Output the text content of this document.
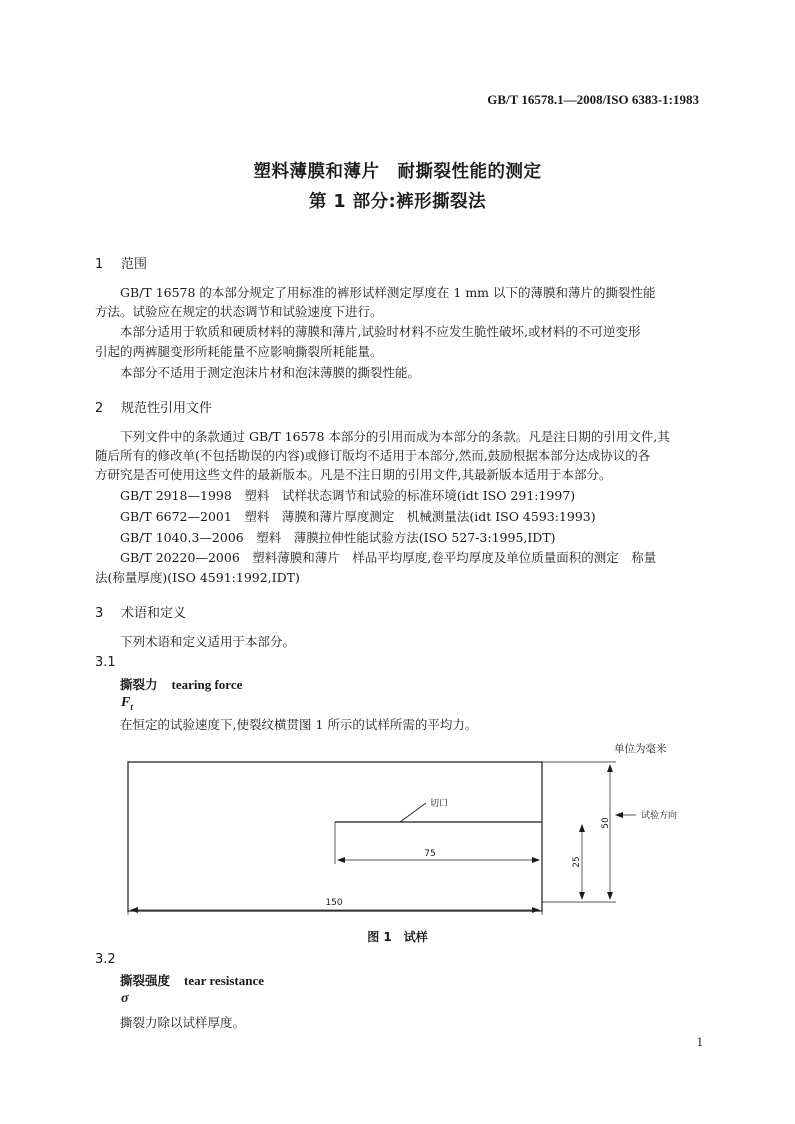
GB/T 16578.1—2008/ISO 6383-1:1983
塑料薄膜和薄片　耐撕裂性能的测定
第 1 部分:裤形撕裂法
1 范围
GB/T 16578 的本部分规定了用标准的裤形试样测定厚度在 1 mm 以下的薄膜和薄片的撕裂性能
方法。试验应在规定的状态调节和试验速度下进行。
本部分适用于软质和硬质材料的薄膜和薄片,试验时材料不应发生脆性破坏,或材料的不可逆变形
引起的两裤腿变形所耗能量不应影响撕裂所耗能量。
本部分不适用于测定泡沫片材和泡沫薄膜的撕裂性能。
2 规范性引用文件
下列文件中的条款通过 GB/T 16578 本部分的引用而成为本部分的条款。凡是注日期的引用文件,其
随后所有的修改单(不包括勘误的内容)或修订版均不适用于本部分,然而,鼓励根据本部分达成协议的各
方研究是否可使用这些文件的最新版本。凡是不注日期的引用文件,其最新版本适用于本部分。
GB/T 2918—1998　塑料　试样状态调节和试验的标准环境(idt ISO 291:1997)
GB/T 6672—2001　塑料　薄膜和薄片厚度测定　机械测量法(idt ISO 4593:1993)
GB/T 1040.3—2006　塑料　薄膜拉伸性能试验方法(ISO 527-3:1995,IDT)
GB/T 20220—2006　塑料薄膜和薄片　样品平均厚度,卷平均厚度及单位质量面积的测定　称量
法(称量厚度)(ISO 4591:1992,IDT)
3 术语和定义
下列术语和定义适用于本部分。
3.1
撕裂力 tearing force
$F_t$
在恒定的试验速度下,使裂纹横贯图 1 所示的试样所需的平均力。
单位为毫米
切口
75
150
50
25
试验方向
图 1　试样
3.2
撕裂强度 tear resistance
σ
撕裂力除以试样厚度。
1
